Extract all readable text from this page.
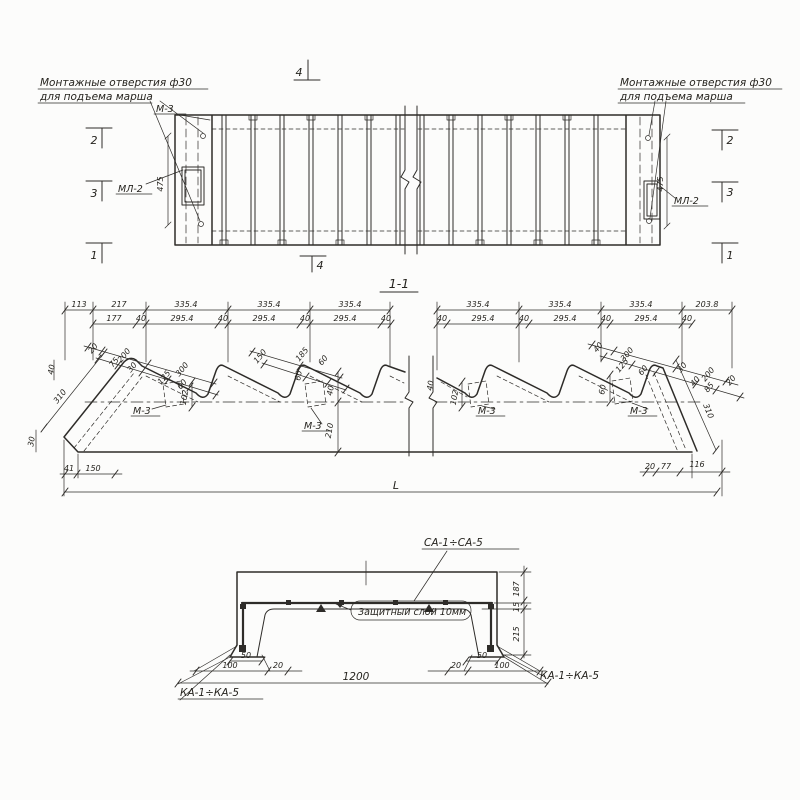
Монтажные отверстия ф30
для подъема марша
Монтажные отверстия ф30
для подъема марша
М-3
МЛ-2
МЛ-2
475	475
2
3
1
2
3
1
4
4
1-1
113	217	335.4	335.4	335.4
177 40	295.4	40	295.4	40	295.4	40
335.4	335.4	335.4	203.8
40	295.4	40	295.4	40	295.4	40
20 200
75 30	300
125 60
40
310
30
102
М-3
41 150
150	185 60
60
40
210
М-3
40
102
М-3
40 300
125 60	30 200
40 85
20
60
310
М-3
20 77 116
L
СА-1÷СА-5
Защитный слой 10мм
КА-1÷КА-5
КА-1÷КА-5
187
15
215
50	50
100	20	20	100
1200
